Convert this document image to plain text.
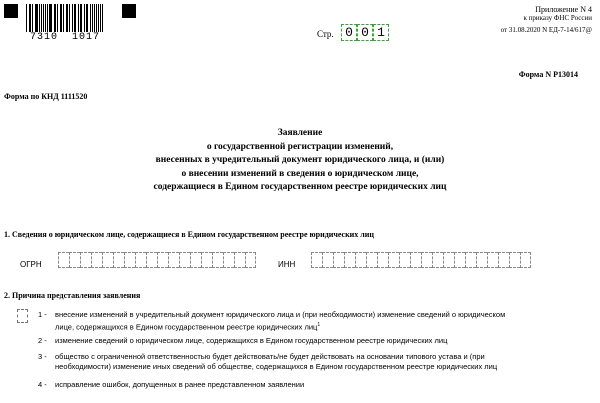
7310 1017	Стр. 0 0 1
Приложение N 4
к приказу ФНС России
от 31.08.2020 N ЕД-7-14/617@
Форма N Р13014
Форма по КНД 1111520
Заявление
о государственной регистрации изменений,
внесенных в учредительный документ юридического лица, и (или)
о внесении изменений в сведения о юридическом лице,
содержащиеся в Едином государственном реестре юридических лиц
1. Сведения о юридическом лице, содержащиеся в Едином государственном реестре юридических лиц
ОГРН	ИНН
2. Причина представления заявления
1 - внесение изменений в учредительный документ юридического лица и (при необходимости) изменение сведений о юридическом
лице, содержащихся в Едином государственном реестре юридических лиц$^1$
2 - изменение сведений о юридическом лице, содержащихся в Едином государственном реестре юридических лиц
3 - общество с ограниченной ответственностью будет действовать/не будет действовать на основании типового устава и (при
необходимости) изменение иных сведений об обществе, содержащихся в Едином государственном реестре юридических лиц
4 - исправление ошибок, допущенных в ранее представленном заявлении
